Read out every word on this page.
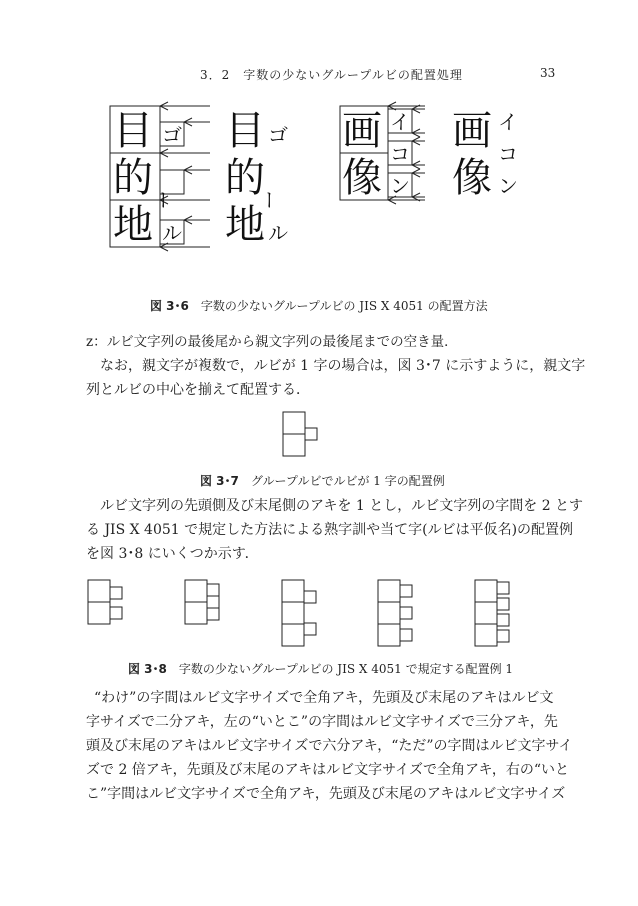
3．2　字数の少ないグループルビの配置処理	33
目
的
地
ゴ
ー
ル
目
的
地
ゴ
ー
ル
画
像
イ
コ
ン
画
像
イ
コ
ン
図 3･6 字数の少ないグループルビの JIS X 4051 の配置方法
z：ルビ文字列の最後尾から親文字列の最後尾までの空き量．
なお，親文字が複数で，ルビが 1 字の場合は，図 3･7 に示すように，親文字
列とルビの中心を揃えて配置する．
図 3･7 グループルビでルビが 1 字の配置例
ルビ文字列の先頭側及び末尾側のアキを 1 とし，ルビ文字列の字間を 2 とす
る JIS X 4051 で規定した方法による熟字訓や当て字(ルビは平仮名)の配置例
を図 3･8 にいくつか示す．
図 3･8 字数の少ないグループルビの JIS X 4051 で規定する配置例 1
“わけ”の字間はルビ文字サイズで全角アキ，先頭及び末尾のアキはルビ文
字サイズで二分アキ，左の“いとこ”の字間はルビ文字サイズで三分アキ，先
頭及び末尾のアキはルビ文字サイズで六分アキ，“ただ”の字間はルビ文字サイ
ズで 2 倍アキ，先頭及び末尾のアキはルビ文字サイズで全角アキ，右の“いと
こ”字間はルビ文字サイズで全角アキ，先頭及び末尾のアキはルビ文字サイズ
